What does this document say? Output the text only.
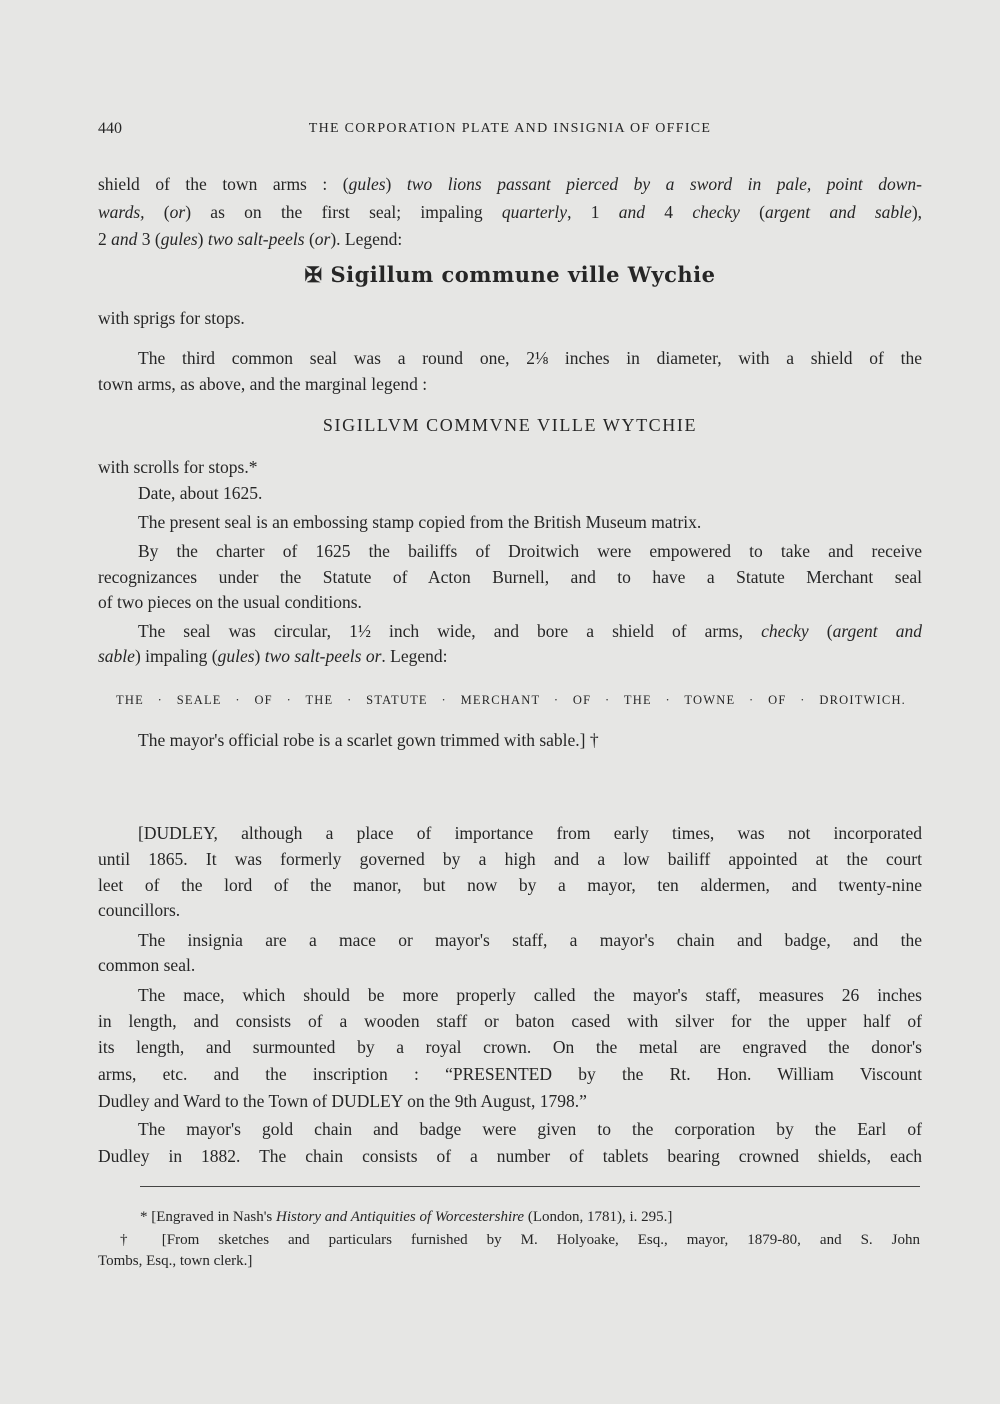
440	THE CORPORATION PLATE AND INSIGNIA OF OFFICE
shield of the town arms : (gules) two lions passant pierced by a sword in pale, point down-
wards, (or) as on the first seal; impaling quarterly, 1 and 4 checky (argent and sable),
2 and 3 (gules) two salt-peels (or). Legend:
✠ Sigillum commune ville Wychie
with sprigs for stops.
The third common seal was a round one, 2⅛ inches in diameter, with a shield of the
town arms, as above, and the marginal legend :
SIGILLVM COMMVNE VILLE WYTCHIE
with scrolls for stops.*
Date, about 1625.
The present seal is an embossing stamp copied from the British Museum matrix.
By the charter of 1625 the bailiffs of Droitwich were empowered to take and receive
recognizances under the Statute of Acton Burnell, and to have a Statute Merchant seal
of two pieces on the usual conditions.
The seal was circular, 1½ inch wide, and bore a shield of arms, checky (argent and
sable) impaling (gules) two salt-peels or. Legend:
THE · SEALE · OF · THE · STATUTE · MERCHANT · OF · THE · TOWNE · OF · DROITWICH.
The mayor's official robe is a scarlet gown trimmed with sable.] †
[DUDLEY, although a place of importance from early times, was not incorporated
until 1865. It was formerly governed by a high and a low bailiff appointed at the court
leet of the lord of the manor, but now by a mayor, ten aldermen, and twenty-nine
councillors.
The insignia are a mace or mayor's staff, a mayor's chain and badge, and the
common seal.
The mace, which should be more properly called the mayor's staff, measures 26 inches
in length, and consists of a wooden staff or baton cased with silver for the upper half of
its length, and surmounted by a royal crown. On the metal are engraved the donor's
arms, etc. and the inscription : “PRESENTED by the Rt. Hon. William Viscount
Dudley and Ward to the Town of DUDLEY on the 9th August, 1798.”
The mayor's gold chain and badge were given to the corporation by the Earl of
Dudley in 1882. The chain consists of a number of tablets bearing crowned shields, each
* [Engraved in Nash's History and Antiquities of Worcestershire (London, 1781), i. 295.]
† [From sketches and particulars furnished by M. Holyoake, Esq., mayor, 1879-80, and S. John
Tombs, Esq., town clerk.]
